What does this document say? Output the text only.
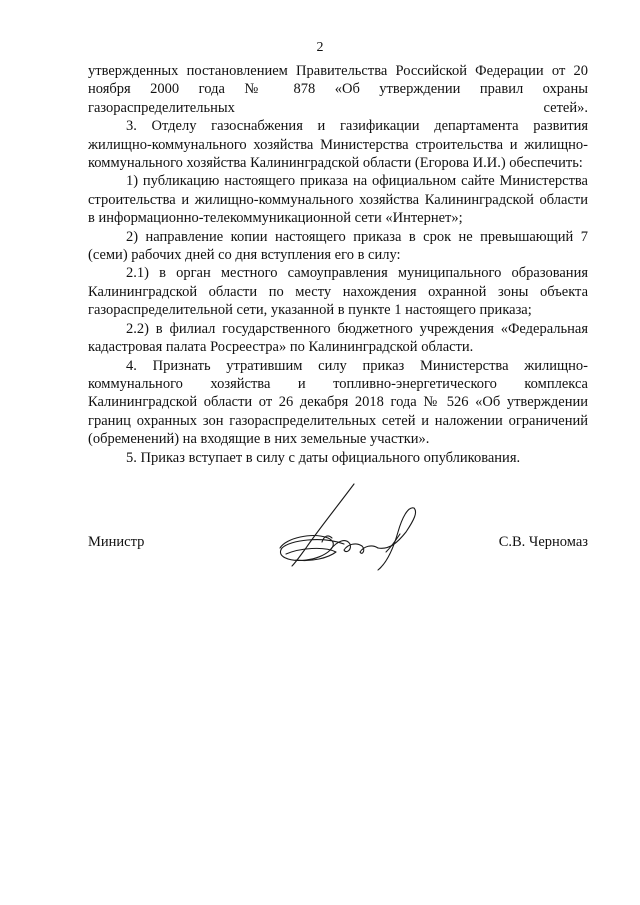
2

утвержденных постановлением Правительства Российской Федерации от 20 ноября 2000 года № 878 «Об утверждении правил охраны газораспределительных сетей».

3. Отделу газоснабжения и газификации департамента развития жилищно-коммунального хозяйства Министерства строительства и жилищно-коммунального хозяйства Калининградской области (Егорова И.И.) обеспечить:

1) публикацию настоящего приказа на официальном сайте Министерства строительства и жилищно-коммунального хозяйства Калининградской области в информационно-телекоммуникационной сети «Интернет»;

2) направление копии настоящего приказа в срок не превышающий 7 (семи) рабочих дней со дня вступления его в силу:

2.1) в орган местного самоуправления муниципального образования Калининградской области по месту нахождения охранной зоны объекта газораспределительной сети, указанной в пункте 1 настоящего приказа;

2.2) в филиал государственного бюджетного учреждения «Федеральная кадастровая палата Росреестра» по Калининградской области.

4. Признать утратившим силу приказ Министерства жилищно-коммунального хозяйства и топливно-энергетического комплекса Калининградской области от 26 декабря 2018 года № 526 «Об утверждении границ охранных зон газораспределительных сетей и наложении ограничений (обременений) на входящие в них земельные участки».

5. Приказ вступает в силу с даты официального опубликования.

Министр	С.В. Черномаз
